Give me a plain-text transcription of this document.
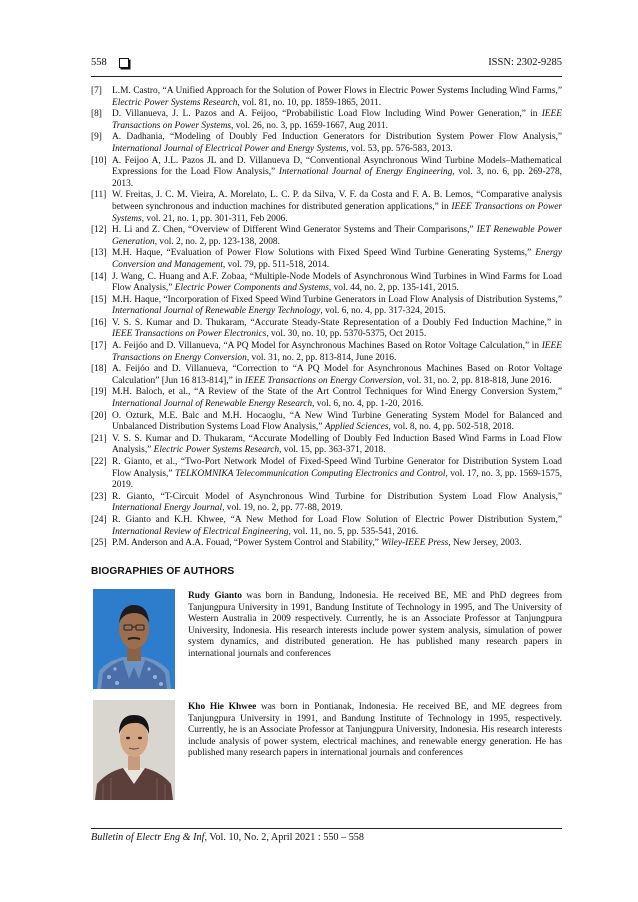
558	ISSN: 2302-9285
[7] L.M. Castro, “A Unified Approach for the Solution of Power Flows in Electric Power Systems Including Wind Farms,” Electric Power Systems Research, vol. 81, no. 10, pp. 1859-1865, 2011.
[8] D. Villanueva, J. L. Pazos and A. Feijoo, “Probabilistic Load Flow Including Wind Power Generation,” in IEEE Transactions on Power Systems, vol. 26, no. 3, pp. 1659-1667, Aug 2011.
[9] A. Dadhania, “Modeling of Doubly Fed Induction Generators for Distribution System Power Flow Analysis,” International Journal of Electrical Power and Energy Systems, vol. 53, pp. 576-583, 2013.
[10] A. Feijoo A, J.L. Pazos JL and D. Villanueva D, “Conventional Asynchronous Wind Turbine Models–Mathematical Expressions for the Load Flow Analysis,” International Journal of Energy Engineering, vol. 3, no. 6, pp. 269-278, 2013.
[11] W. Freitas, J. C. M. Vieira, A. Morelato, L. C. P. da Silva, V. F. da Costa and F. A. B. Lemos, “Comparative analysis between synchronous and induction machines for distributed generation applications,” in IEEE Transactions on Power Systems, vol. 21, no. 1, pp. 301-311, Feb 2006.
[12] H. Li and Z. Chen, “Overview of Different Wind Generator Systems and Their Comparisons,” IET Renewable Power Generation, vol. 2, no. 2, pp. 123-138, 2008.
[13] M.H. Haque, “Evaluation of Power Flow Solutions with Fixed Speed Wind Turbine Generating Systems,” Energy Conversion and Management, vol. 79, pp. 511-518, 2014.
[14] J. Wang, C. Huang and A.F. Zobaa, “Multiple-Node Models of Asynchronous Wind Turbines in Wind Farms for Load Flow Analysis,” Electric Power Components and Systems, vol. 44, no. 2, pp. 135-141, 2015.
[15] M.H. Haque, “Incorporation of Fixed Speed Wind Turbine Generators in Load Flow Analysis of Distribution Systems,” International Journal of Renewable Energy Technology, vol. 6, no. 4, pp. 317-324, 2015.
[16] V. S. S. Kumar and D. Thukaram, “Accurate Steady-State Representation of a Doubly Fed Induction Machine,” in IEEE Transactions on Power Electronics, vol. 30, no. 10, pp. 5370-5375, Oct 2015.
[17] A. Feijóo and D. Villanueva, “A PQ Model for Asynchronous Machines Based on Rotor Voltage Calculation,” in IEEE Transactions on Energy Conversion, vol. 31, no. 2, pp. 813-814, June 2016.
[18] A. Feijóo and D. Villanueva, “Correction to “A PQ Model for Asynchronous Machines Based on Rotor Voltage Calculation” [Jun 16 813-814],” in IEEE Transactions on Energy Conversion, vol. 31, no. 2, pp. 818-818, June 2016.
[19] M.H. Baloch, et al., “A Review of the State of the Art Control Techniques for Wind Energy Conversion System,” International Journal of Renewable Energy Research, vol. 6, no. 4, pp. 1-20, 2016.
[20] O. Ozturk, M.E. Balc and M.H. Hocaoglu, “A New Wind Turbine Generating System Model for Balanced and Unbalanced Distribution Systems Load Flow Analysis,” Applied Sciences, vol. 8, no. 4, pp. 502-518, 2018.
[21] V. S. S. Kumar and D. Thukaram, “Accurate Modelling of Doubly Fed Induction Based Wind Farms in Load Flow Analysis,” Electric Power Systems Research, vol. 15, pp. 363-371, 2018.
[22] R. Gianto, et al., “Two-Port Network Model of Fixed-Speed Wind Turbine Generator for Distribution System Load Flow Analysis,” TELKOMNIKA Telecommunication Computing Electronics and Control, vol. 17, no. 3, pp. 1569-1575, 2019.
[23] R. Gianto, “T-Circuit Model of Asynchronous Wind Turbine for Distribution System Load Flow Analysis,” International Energy Journal, vol. 19, no. 2, pp. 77-88, 2019.
[24] R. Gianto and K.H. Khwee, “A New Method for Load Flow Solution of Electric Power Distribution System,” International Review of Electrical Engineering, vol. 11, no. 5, pp. 535-541, 2016.
[25] P.M. Anderson and A.A. Fouad, “Power System Control and Stability,” Wiley-IEEE Press, New Jersey, 2003.
BIOGRAPHIES OF AUTHORS

Rudy Gianto was born in Bandung, Indonesia. He received BE, ME and PhD degrees from Tanjungpura University in 1991, Bandung Institute of Technology in 1995, and The University of Western Australia in 2009 respectively. Currently, he is an Associate Professor at Tanjungpura University, Indonesia. His research interests include power system analysis, simulation of power system dynamics, and distributed generation. He has published many research papers in international journals and conferences

Kho Hie Khwee was born in Pontianak, Indonesia. He received BE, and ME degrees from Tanjungpura University in 1991, and Bandung Institute of Technology in 1995, respectively. Currently, he is an Associate Professor at Tanjungpura University, Indonesia. His research interests include analysis of power system, electrical machines, and renewable energy generation. He has published many research papers in international journals and conferences

Bulletin of Electr Eng & Inf, Vol. 10, No. 2, April 2021 : 550 – 558
